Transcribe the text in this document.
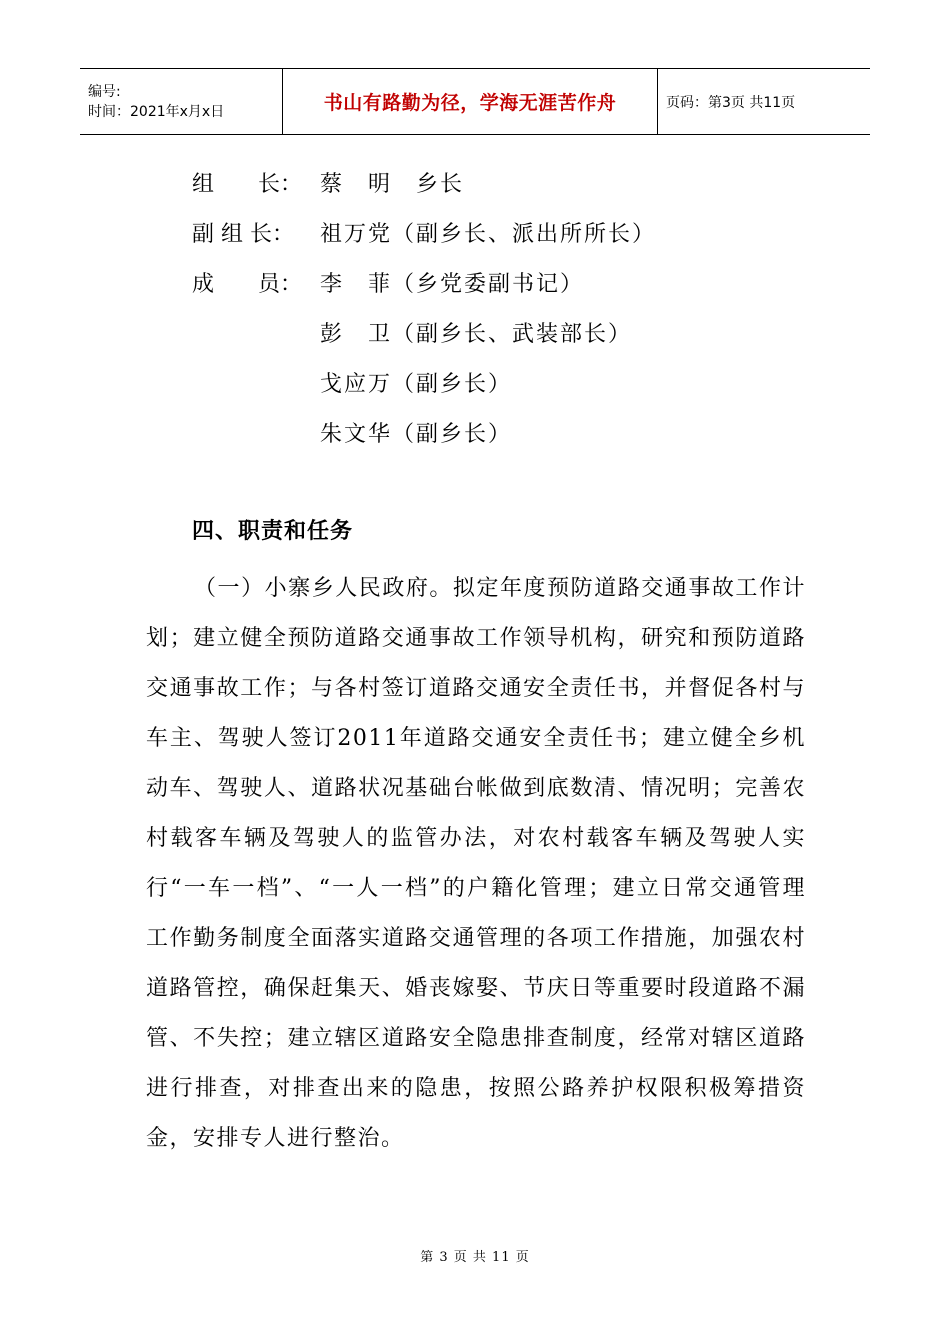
编号:
时间：2021年x月x日	书山有路勤为径，学海无涯苦作舟	页码：第3页 共11页
组　　长： 蔡　明　乡长
副 组 长：	祖万党（副乡长、派出所所长）
成　　员： 李　菲（乡党委副书记）
彭　卫（副乡长、武装部长）
戈应万（副乡长）
朱文华（副乡长）
四、职责和任务
（一）小寨乡人民政府。拟定年度预防道路交通事故工作计划；建立健全预防道路交通事故工作领导机构，研究和预防道路交通事故工作；与各村签订道路交通安全责任书，并督促各村与车主、驾驶人签订2011年道路交通安全责任书；建立健全乡机动车、驾驶人、道路状况基础台帐做到底数清、情况明；完善农村载客车辆及驾驶人的监管办法，对农村载客车辆及驾驶人实行“一车一档”、“一人一档”的户籍化管理；建立日常交通管理工作勤务制度全面落实道路交通管理的各项工作措施，加强农村道路管控，确保赶集天、婚丧嫁娶、节庆日等重要时段道路不漏管、不失控；建立辖区道路安全隐患排查制度，经常对辖区道路进行排查，对排查出来的隐患，按照公路养护权限积极筹措资金，安排专人进行整治。
第 3 页 共 11 页
